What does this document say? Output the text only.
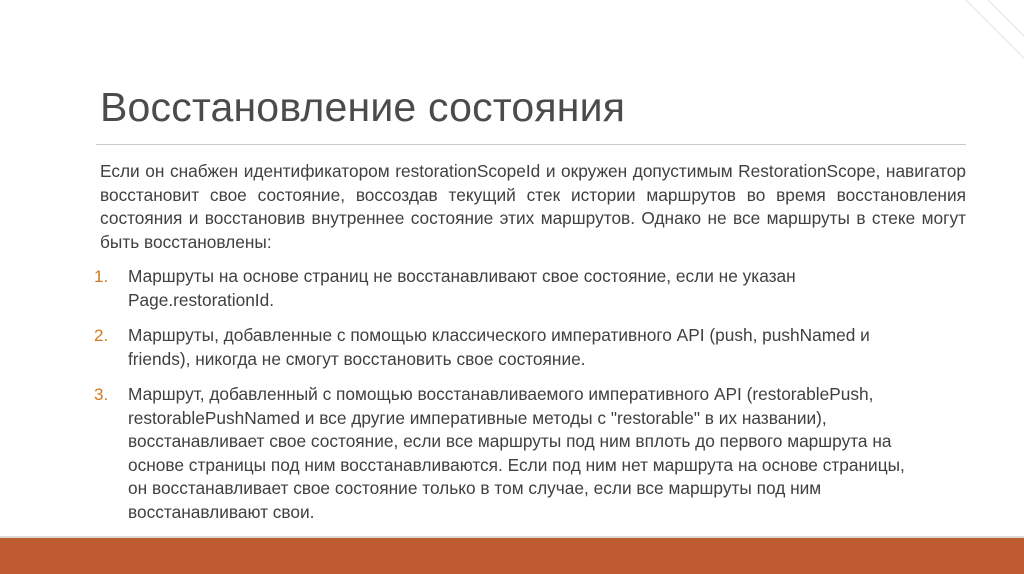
Восстановление состояния
Если он снабжен идентификатором restorationScopeId и окружен допустимым RestorationScope, навигатор восстановит свое состояние, воссоздав текущий стек истории маршрутов во время восстановления состояния и восстановив внутреннее состояние этих маршрутов. Однако не все маршруты в стеке могут быть восстановлены:
1.	Маршруты на основе страниц не восстанавливают свое состояние, если не указан Page.restorationId.
2.	Маршруты, добавленные с помощью классического императивного API (push, pushNamed и friends), никогда не смогут восстановить свое состояние.
3.	Маршрут, добавленный с помощью восстанавливаемого императивного API (restorablePush, restorablePushNamed и все другие императивные методы с "restorable" в их названии), восстанавливает свое состояние, если все маршруты под ним вплоть до первого маршрута на основе страницы под ним восстанавливаются. Если под ним нет маршрута на основе страницы, он восстанавливает свое состояние только в том случае, если все маршруты под ним восстанавливают свои.
